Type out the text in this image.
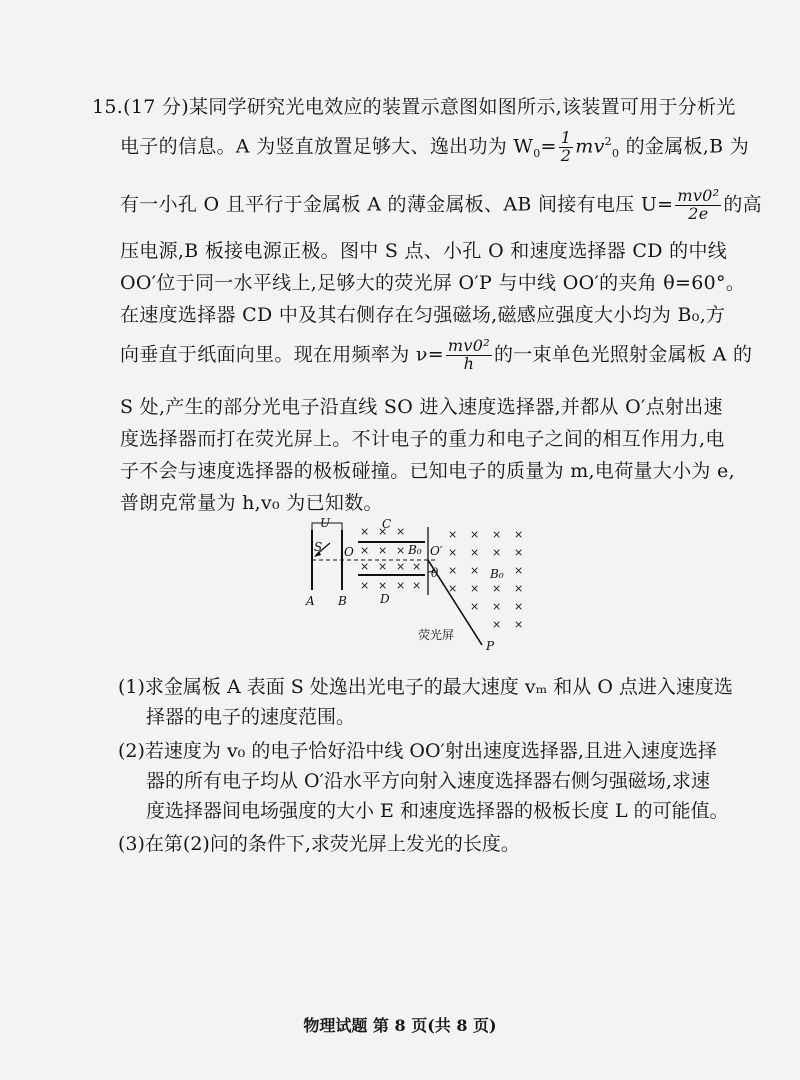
15.(17 分)某同学研究光电效应的装置示意图如图所示,该装置可用于分析光
电子的信息。A 为竖直放置足够大、逸出功为 $W_0= \frac{1}{2} mv^2_0$ 的金属板,B 为
有一小孔 O 且平行于金属板 A 的薄金属板、AB 间接有电压 $U= \frac{\text{mv0²}}{2e}$ 的高
压电源,B 板接电源正极。图中 S 点、小孔 O 和速度选择器 CD 的中线
OO′位于同一水平线上,足够大的荧光屏 O′P 与中线 OO′的夹角 θ=60°。
在速度选择器 CD 中及其右侧存在匀强磁场,磁感应强度大小均为 B₀,方
向垂直于纸面向里。现在用频率为 $\nu= \frac{\text{mv0²}}{h}$ 的一束单色光照射金属板 A 的
S 处,产生的部分光电子沿直线 SO 进入速度选择器,并都从 O′点射出速
度选择器而打在荧光屏上。不计电子的重力和电子之间的相互作用力,电
子不会与速度选择器的极板碰撞。已知电子的质量为 m,电荷量大小为 e,
普朗克常量为 h,v₀ 为已知数。
× × ×
× × ×
× × × ×
× × × ×
× × × ×
× × × ×
× ×	×
× × × ×
× × ×
× ×
U
S O
C
B₀ O′
θ	B₀
D
A B
P
荧光屏
(1)求金属板 A 表面 S 处逸出光电子的最大速度 vₘ 和从 O 点进入速度选
择器的电子的速度范围。
(2)若速度为 v₀ 的电子恰好沿中线 OO′射出速度选择器,且进入速度选择
器的所有电子均从 O′沿水平方向射入速度选择器右侧匀强磁场,求速
度选择器间电场强度的大小 E 和速度选择器的极板长度 L 的可能值。
(3)在第(2)问的条件下,求荧光屏上发光的长度。
物理试题 第 8 页(共 8 页)
